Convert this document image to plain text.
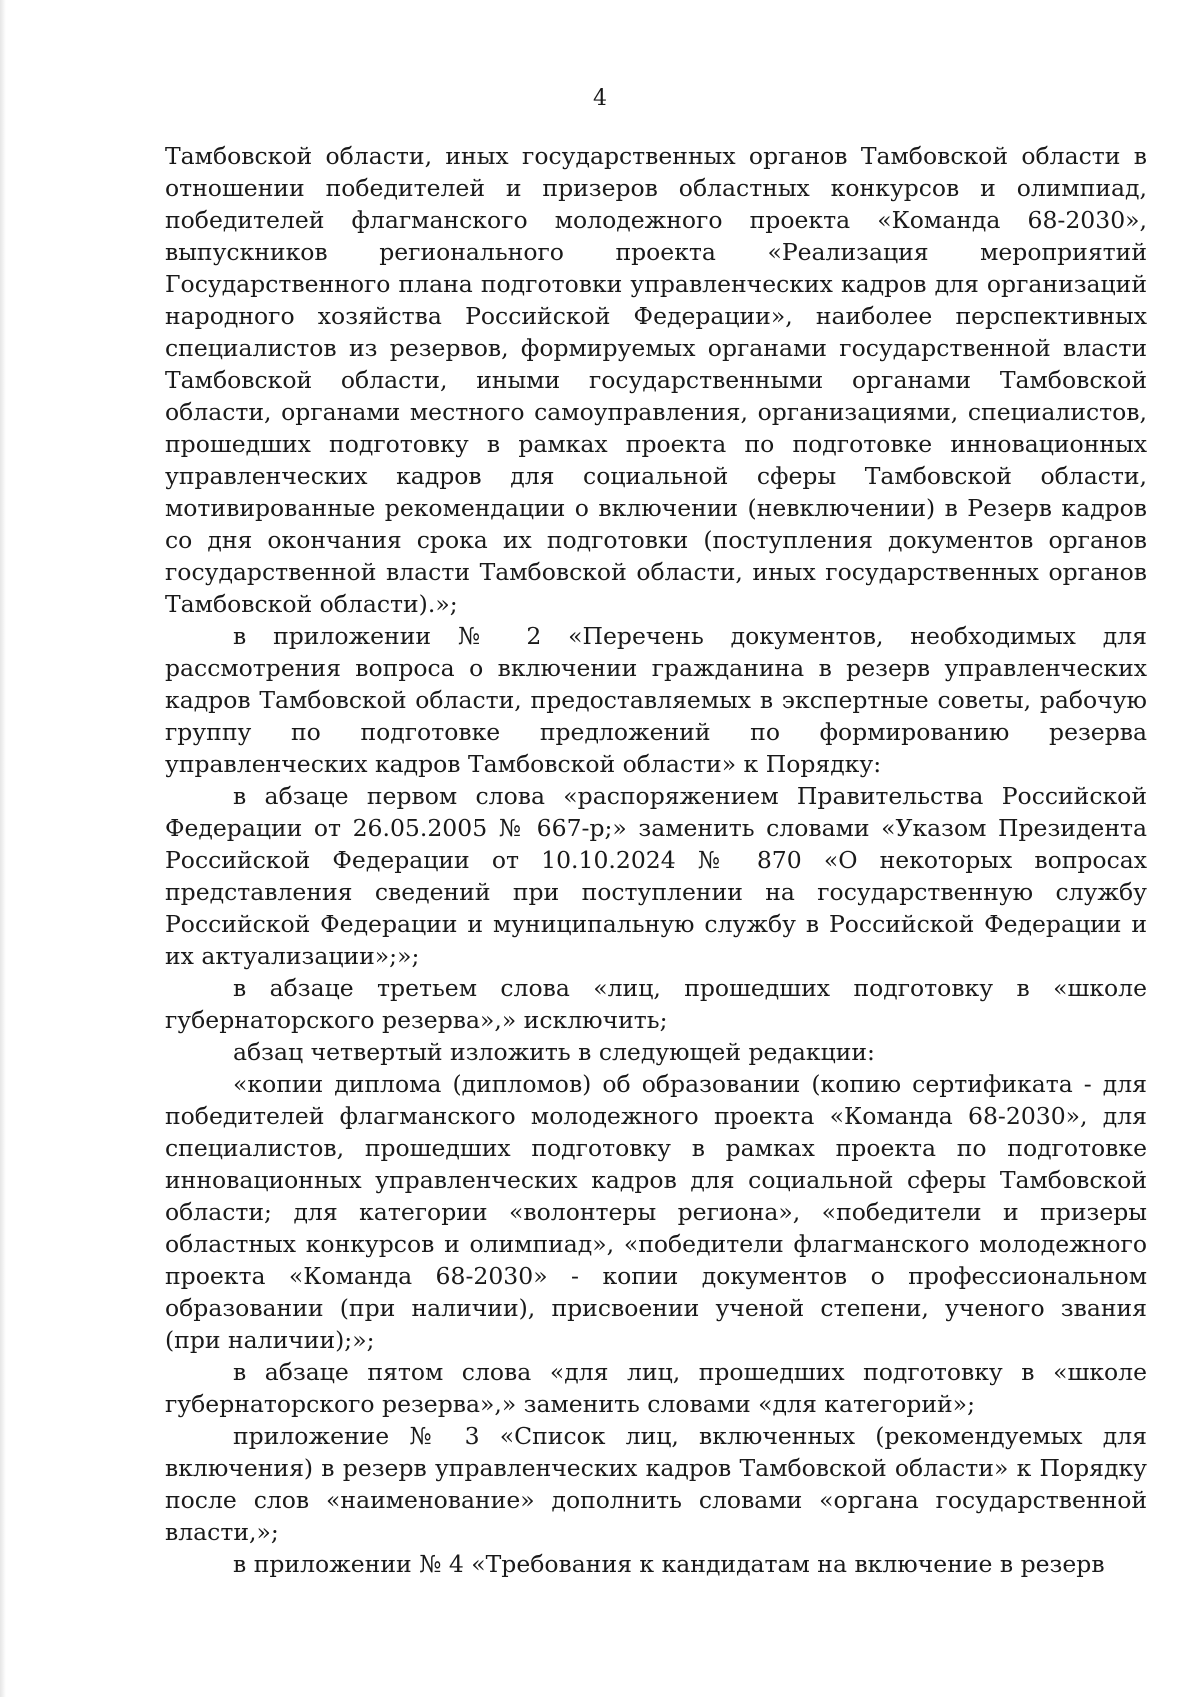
4

Тамбовской области, иных государственных органов Тамбовской области в отношении победителей и призеров областных конкурсов и олимпиад, победителей флагманского молодежного проекта «Команда 68-2030», выпускников регионального проекта «Реализация мероприятий Государственного плана подготовки управленческих кадров для организаций народного хозяйства Российской Федерации», наиболее перспективных специалистов из резервов, формируемых органами государственной власти Тамбовской области, иными государственными органами Тамбовской области, органами местного самоуправления, организациями, специалистов, прошедших подготовку в рамках проекта по подготовке инновационных управленческих кадров для социальной сферы Тамбовской области, мотивированные рекомендации о включении (невключении) в Резерв кадров со дня окончания срока их подготовки (поступления документов органов государственной власти Тамбовской области, иных государственных органов Тамбовской области).»;

в приложении № 2 «Перечень документов, необходимых для рассмотрения вопроса о включении гражданина в резерв управленческих кадров Тамбовской области, предоставляемых в экспертные советы, рабочую группу по подготовке предложений по формированию резерва управленческих кадров Тамбовской области» к Порядку:

в абзаце первом слова «распоряжением Правительства Российской Федерации от 26.05.2005 № 667-р;» заменить словами «Указом Президента Российской Федерации от 10.10.2024 № 870 «О некоторых вопросах представления сведений при поступлении на государственную службу Российской Федерации и муниципальную службу в Российской Федерации и их актуализации»;»;

в абзаце третьем слова «лиц, прошедших подготовку в «школе губернаторского резерва»,» исключить;

абзац четвертый изложить в следующей редакции:

«копии диплома (дипломов) об образовании (копию сертификата - для победителей флагманского молодежного проекта «Команда 68-2030», для специалистов, прошедших подготовку в рамках проекта по подготовке инновационных управленческих кадров для социальной сферы Тамбовской области; для категории «волонтеры региона», «победители и призеры областных конкурсов и олимпиад», «победители флагманского молодежного проекта «Команда 68-2030» - копии документов о профессиональном образовании (при наличии), присвоении ученой степени, ученого звания (при наличии);»;

в абзаце пятом слова «для лиц, прошедших подготовку в «школе губернаторского резерва»,» заменить словами «для категорий»;

приложение № 3 «Список лиц, включенных (рекомендуемых для включения) в резерв управленческих кадров Тамбовской области» к Порядку после слов «наименование» дополнить словами «органа государственной власти,»;

в приложении № 4 «Требования к кандидатам на включение в резерв
